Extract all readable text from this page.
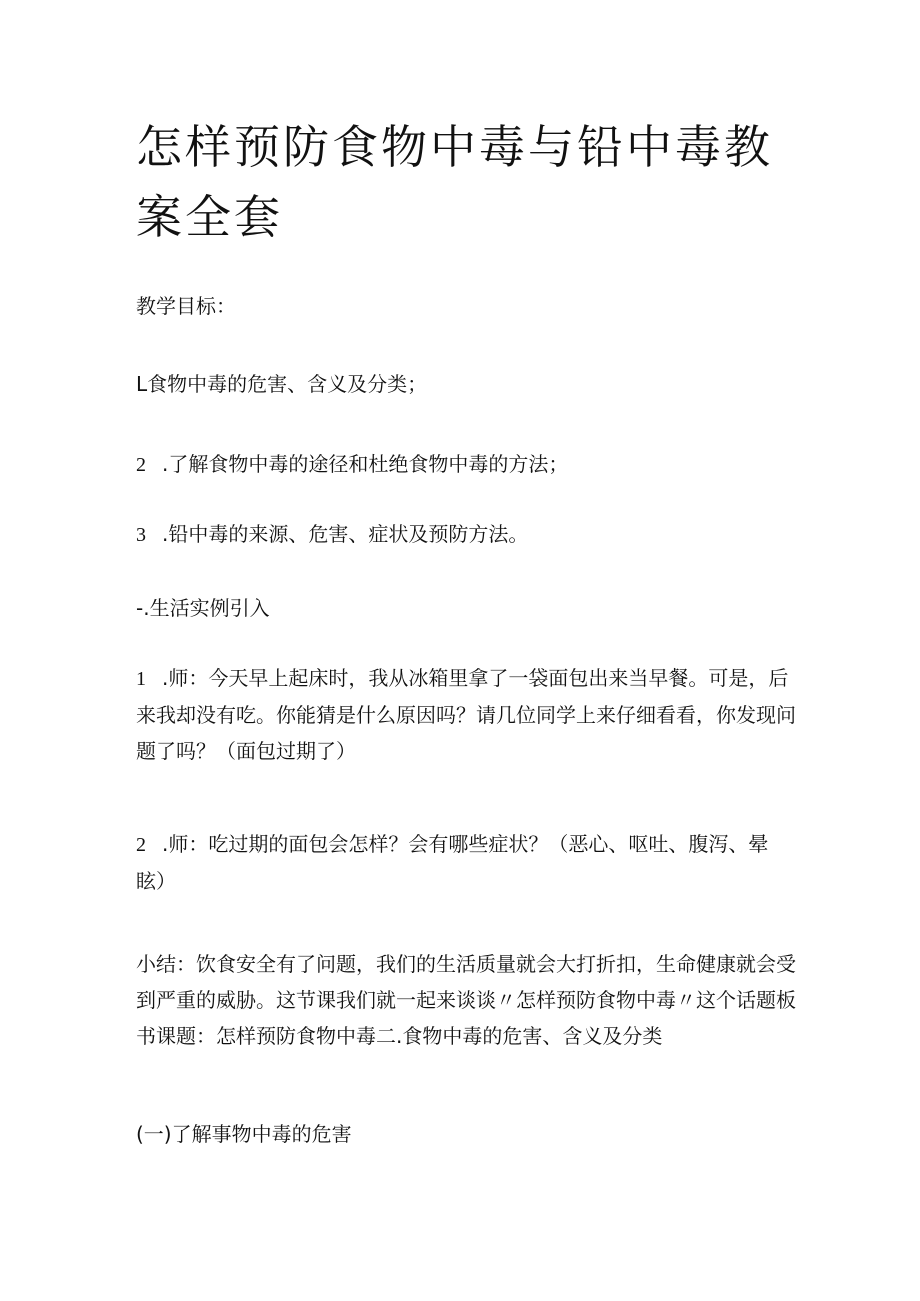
怎样预防食物中毒与铅中毒教案全套

教学目标：

L食物中毒的危害、含义及分类；

2 .了解食物中毒的途径和杜绝食物中毒的方法；

3 .铅中毒的来源、危害、症状及预防方法。

-.生活实例引入

1 .师：今天早上起床时，我从冰箱里拿了一袋面包出来当早餐。可是，后来我却没有吃。你能猜是什么原因吗？请几位同学上来仔细看看，你发现问题了吗？（面包过期了）

2 .师：吃过期的面包会怎样？会有哪些症状？（恶心、呕吐、腹泻、晕眩）

小结：饮食安全有了问题，我们的生活质量就会大打折扣，生命健康就会受到严重的威胁。这节课我们就一起来谈谈〃怎样预防食物中毒〃这个话题板书课题：怎样预防食物中毒二.食物中毒的危害、含义及分类

(一)了解事物中毒的危害
